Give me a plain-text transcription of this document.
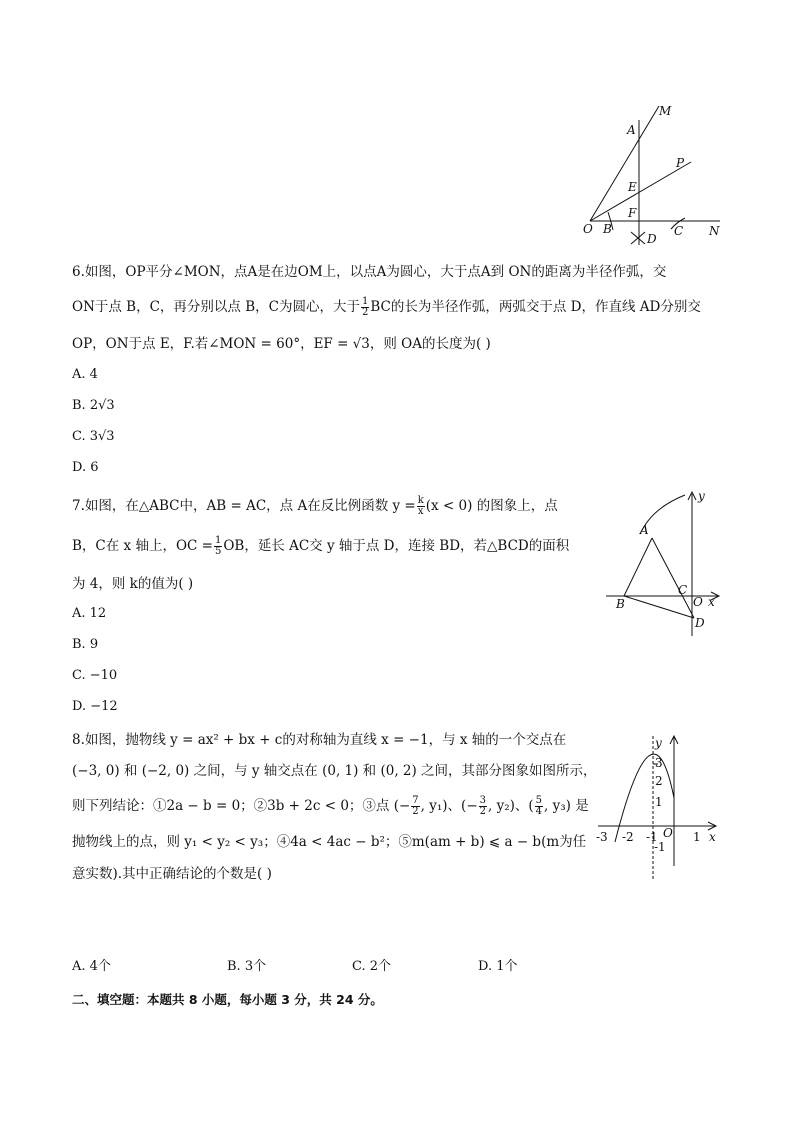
M
A
P
E
F
O B
D
C N
6.如图，OP平分∠MON，点A是在边OM上，以点A为圆心，大于点A到 ON的距离为半径作弧，交
ON于点 B，C，再分别以点 B，C为圆心，大于 $\frac{1}{2}$ BC的长为半径作弧，两弧交于点 D，作直线 AD分别交
OP，ON于点 E，F.若∠MON = 60°，EF = √3，则 OA的长度为( )
A. 4
B. 2√3
C. 3√3
D. 6
y
A
C
B	O x
D
7.如图，在△ABC中，AB = AC，点 A在反比例函数 $y = \frac{k}{x} (x < 0)$ 的图象上，点
B，C在 x 轴上，OC = $\frac{1}{5}$ OB，延长 AC交 y 轴于点 D，连接 BD，若△BCD的面积
为 4，则 k的值为( )
A. 12
B. 9
C. −10
D. −12
y
3
2
1
-3 -2 -1 O 1 x
-1
8.如图，抛物线 y = ax² + bx + c的对称轴为直线 x = −1，与 x 轴的一个交点在
(−3, 0) 和 (−2, 0) 之间，与 y 轴交点在 (0, 1) 和 (0, 2) 之间，其部分图象如图所示，
则下列结论：①2a − b = 0；②3b + 2c < 0；③点 (− $\frac{7}{2}$ , y₁)、(− $\frac{3}{2}$ , y₂)、( $\frac{5}{4}$ , y₃) 是
抛物线上的点，则 y₁ < y₂ < y₃；④4a < 4ac − b²；⑤m(am + b) ⩽ a − b(m为任
意实数).其中正确结论的个数是( )
A. 4个	B. 3个	C. 2个	D. 1个
二、填空题：本题共 8 小题，每小题 3 分，共 24 分。
